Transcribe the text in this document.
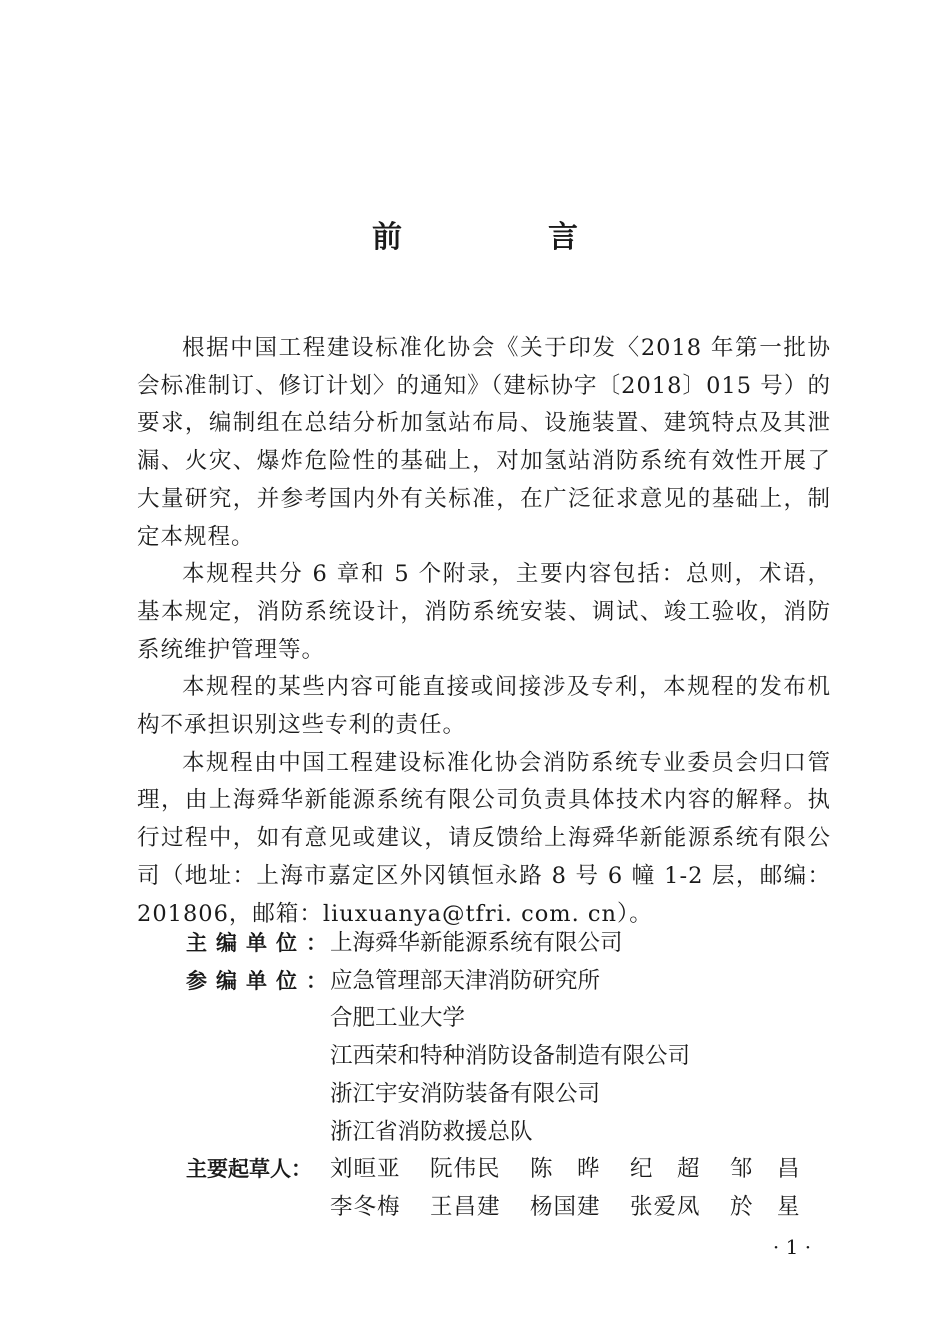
前　言

根据中国工程建设标准化协会《关于印发〈2018 年第一批协会标准制订、修订计划〉的通知》（建标协字〔2018〕015 号）的要求，编制组在总结分析加氢站布局、设施装置、建筑特点及其泄漏、火灾、爆炸危险性的基础上，对加氢站消防系统有效性开展了大量研究，并参考国内外有关标准，在广泛征求意见的基础上，制定本规程。

本规程共分 6 章和 5 个附录，主要内容包括：总则，术语，基本规定，消防系统设计，消防系统安装、调试、竣工验收，消防系统维护管理等。

本规程的某些内容可能直接或间接涉及专利，本规程的发布机构不承担识别这些专利的责任。

本规程由中国工程建设标准化协会消防系统专业委员会归口管理，由上海舜华新能源系统有限公司负责具体技术内容的解释。执行过程中，如有意见或建议，请反馈给上海舜华新能源系统有限公司（地址：上海市嘉定区外冈镇恒永路 8 号 6 幢 1-2 层，邮编：201806，邮箱：liuxuanya@tfri. com. cn）。

主编单位：
上海舜华新能源系统有限公司
参编单位：
应急管理部天津消防研究所
合肥工业大学
江西荣和特种消防设备制造有限公司
浙江宇安消防装备有限公司
浙江省消防救援总队
主要起草人： 刘晅亚	阮伟民	陈　晔	纪　超	邹　昌
李冬梅	王昌建	杨国建	张爱凤	於　星
· 1 ·
